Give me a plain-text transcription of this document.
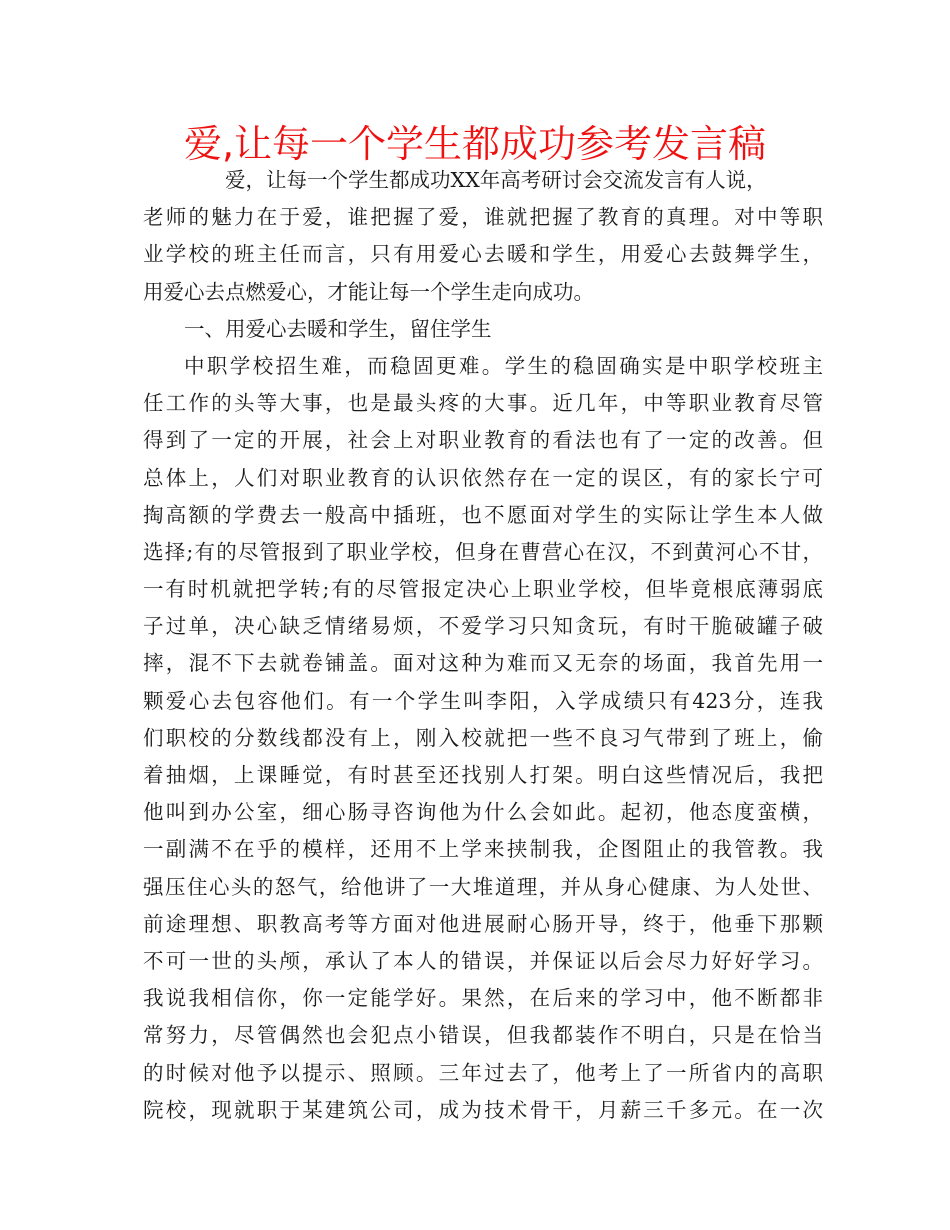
爱,让每一个学生都成功参考发言稿
爱，让每一个学生都成功XX年高考研讨会交流发言有人说，
老师的魅力在于爱，谁把握了爱，谁就把握了教育的真理。对中等职
业学校的班主任而言，只有用爱心去暖和学生，用爱心去鼓舞学生，
用爱心去点燃爱心，才能让每一个学生走向成功。
一、用爱心去暖和学生，留住学生
中职学校招生难，而稳固更难。学生的稳固确实是中职学校班主
任工作的头等大事，也是最头疼的大事。近几年，中等职业教育尽管
得到了一定的开展，社会上对职业教育的看法也有了一定的改善。但
总体上，人们对职业教育的认识依然存在一定的误区，有的家长宁可
掏高额的学费去一般高中插班，也不愿面对学生的实际让学生本人做
选择;有的尽管报到了职业学校，但身在曹营心在汉，不到黄河心不甘，
一有时机就把学转;有的尽管报定决心上职业学校，但毕竟根底薄弱底
子过单，决心缺乏情绪易烦，不爱学习只知贪玩，有时干脆破罐子破
摔，混不下去就卷铺盖。面对这种为难而又无奈的场面，我首先用一
颗爱心去包容他们。有一个学生叫李阳，入学成绩只有423分，连我
们职校的分数线都没有上，刚入校就把一些不良习气带到了班上，偷
着抽烟，上课睡觉，有时甚至还找别人打架。明白这些情况后，我把
他叫到办公室，细心肠寻咨询他为什么会如此。起初，他态度蛮横，
一副满不在乎的模样，还用不上学来挟制我，企图阻止的我管教。我
强压住心头的怒气，给他讲了一大堆道理，并从身心健康、为人处世、
前途理想、职教高考等方面对他进展耐心肠开导，终于，他垂下那颗
不可一世的头颅，承认了本人的错误，并保证以后会尽力好好学习。
我说我相信你，你一定能学好。果然，在后来的学习中，他不断都非
常努力，尽管偶然也会犯点小错误，但我都装作不明白，只是在恰当
的时候对他予以提示、照顾。三年过去了，他考上了一所省内的高职
院校，现就职于某建筑公司，成为技术骨干，月薪三千多元。在一次
